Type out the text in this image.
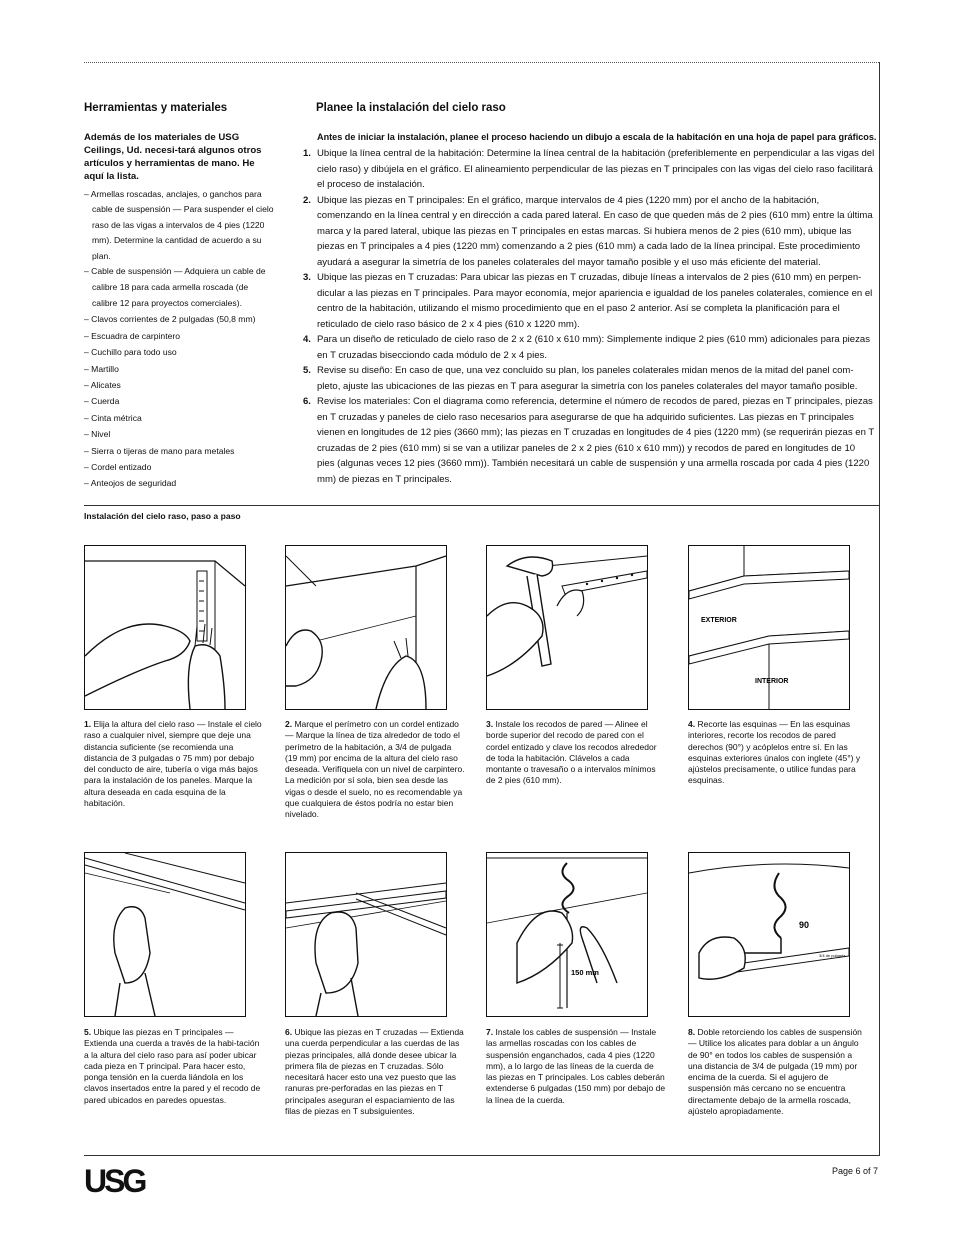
Herramientas y materiales
Además de los materiales de USG Ceilings, Ud. necesi-tará algunos otros artículos y herramientas de mano. He aquí la lista.
– Armellas roscadas, anclajes, o ganchos para cable de suspensión — Para suspender el cielo raso de las vigas a intervalos de 4 pies (1220 mm). Determine la cantidad de acuerdo a su plan.
– Cable de suspensión — Adquiera un cable de calibre 18 para cada armella roscada (de calibre 12 para proyectos comerciales).
– Clavos corrientes de 2 pulgadas (50,8 mm)
– Escuadra de carpintero
– Cuchillo para todo uso
– Martillo
– Alicates
– Cuerda
– Cinta métrica
– Nivel
– Sierra o tijeras de mano para metales
– Cordel entizado
– Anteojos de seguridad
Planee la instalación del cielo raso
Antes de iniciar la instalación, planee el proceso haciendo un dibujo a escala de la habitación en una hoja de papel para gráficos.
1. Ubique la línea central de la habitación: Determine la línea central de la habitación (preferiblemente en perpendicular a las vigas del cielo raso) y dibújela en el gráfico. El alineamiento perpendicular de las piezas en T principales con las vigas del cielo raso facilitará el proceso de instalación.
2. Ubique las piezas en T principales: En el gráfico, marque intervalos de 4 pies (1220 mm) por el ancho de la habitación, comenzando en la línea central y en dirección a cada pared lateral. En caso de que queden más de 2 pies (610 mm) entre la última marca y la pared lateral, ubique las piezas en T principales en estas marcas. Si hubiera menos de 2 pies (610 mm), ubique las piezas en T principales a 4 pies (1220 mm) comenzando a 2 pies (610 mm) a cada lado de la línea principal. Este procedimiento ayudará a asegurar la simetría de los paneles colaterales del mayor tamaño posible y el uso más eficiente del material.
3. Ubique las piezas en T cruzadas: Para ubicar las piezas en T cruzadas, dibuje líneas a intervalos de 2 pies (610 mm) en perpen-dicular a las piezas en T principales. Para mayor economía, mejor apariencia e igualdad de los paneles colaterales, comience en el centro de la habitación, utilizando el mismo procedimiento que en el paso 2 anterior. Así se completa la planificación para el reticulado de cielo raso básico de 2 x 4 pies (610 x 1220 mm).
4. Para un diseño de reticulado de cielo raso de 2 x 2 (610 x 610 mm): Simplemente indique 2 pies (610 mm) adicionales para piezas en T cruzadas bisecciondo cada módulo de 2 x 4 pies.
5. Revise su diseño: En caso de que, una vez concluido su plan, los paneles colaterales midan menos de la mitad del panel com-pleto, ajuste las ubicaciones de las piezas en T para asegurar la simetría con los paneles colaterales del mayor tamaño posible.
6. Revise los materiales: Con el diagrama como referencia, determine el número de recodos de pared, piezas en T principales, piezas en T cruzadas y paneles de cielo raso necesarios para asegurarse de que ha adquirido suficientes. Las piezas en T principales vienen en longitudes de 12 pies (3660 mm); las piezas en T cruzadas en longitudes de 4 pies (1220 mm) (se requerirán piezas en T cruzadas de 2 pies (610 mm) si se van a utilizar paneles de 2 x 2 pies (610 x 610 mm)) y recodos de pared en longitudes de 10 pies (algunas veces 12 pies (3660 mm)). También necesitará un cable de suspensión y una armella roscada por cada 4 pies (1220 mm) de piezas en T principales.
Instalación del cielo raso, paso a paso
EXTERIOR
INTERIOR
1. Elija la altura del cielo raso — Instale el cielo raso a cualquier nivel, siempre que deje una distancia suficiente (se recomienda una distancia de 3 pulgadas o 75 mm) por debajo del conducto de aire, tubería o viga más bajos para la instalación de los paneles. Marque la altura deseada en cada esquina de la habitación.
2. Marque el perímetro con un cordel entizado — Marque la línea de tiza alrededor de todo el perímetro de la habitación, a 3/4 de pulgada (19 mm) por encima de la altura del cielo raso deseada. Verifíquela con un nivel de carpintero. La medición por sí sola, bien sea desde las vigas o desde el suelo, no es recomendable ya que cualquiera de éstos podría no estar bien nivelado.
3. Instale los recodos de pared — Alinee el borde superior del recodo de pared con el cordel entizado y clave los recodos alrededor de toda la habitación. Clávelos a cada montante o travesaño o a intervalos mínimos de 2 pies (610 mm).
4. Recorte las esquinas — En las esquinas interiores, recorte los recodos de pared derechos (90°) y acóplelos entre sí. En las esquinas exteriores únalos con inglete (45°) y ajústelos precisamente, o utilice fundas para esquinas.
150 mm
90
3/4 de pulgada
5. Ubique las piezas en T principales — Extienda una cuerda a través de la habi-tación a la altura del cielo raso para así poder ubicar cada pieza en T principal. Para hacer esto, ponga tensión en la cuerda liándola en los clavos insertados entre la pared y el recodo de pared ubicados en paredes opuestas.
6. Ubique las piezas en T cruzadas — Extienda una cuerda perpendicular a las cuerdas de las piezas principales, allá donde desee ubicar la primera fila de piezas en T cruzadas. Sólo necesitará hacer esto una vez puesto que las ranuras pre-perforadas en las piezas en T principales aseguran el espaciamiento de las filas de piezas en T subsiguientes.
7. Instale los cables de suspensión — Instale las armellas roscadas con los cables de suspensión enganchados, cada 4 pies (1220 mm), a lo largo de las líneas de la cuerda de las piezas en T principales. Los cables deberán extenderse 6 pulgadas (150 mm) por debajo de la línea de la cuerda.
8. Doble retorciendo los cables de suspensión — Utilice los alicates para doblar a un ángulo de 90° en todos los cables de suspensión a una distancia de 3/4 de pulgada (19 mm) por encima de la cuerda. Si el agujero de suspensión más cercano no se encuentra directamente debajo de la armella roscada, ajústelo apropiadamente.
USG	Page 6 of 7
